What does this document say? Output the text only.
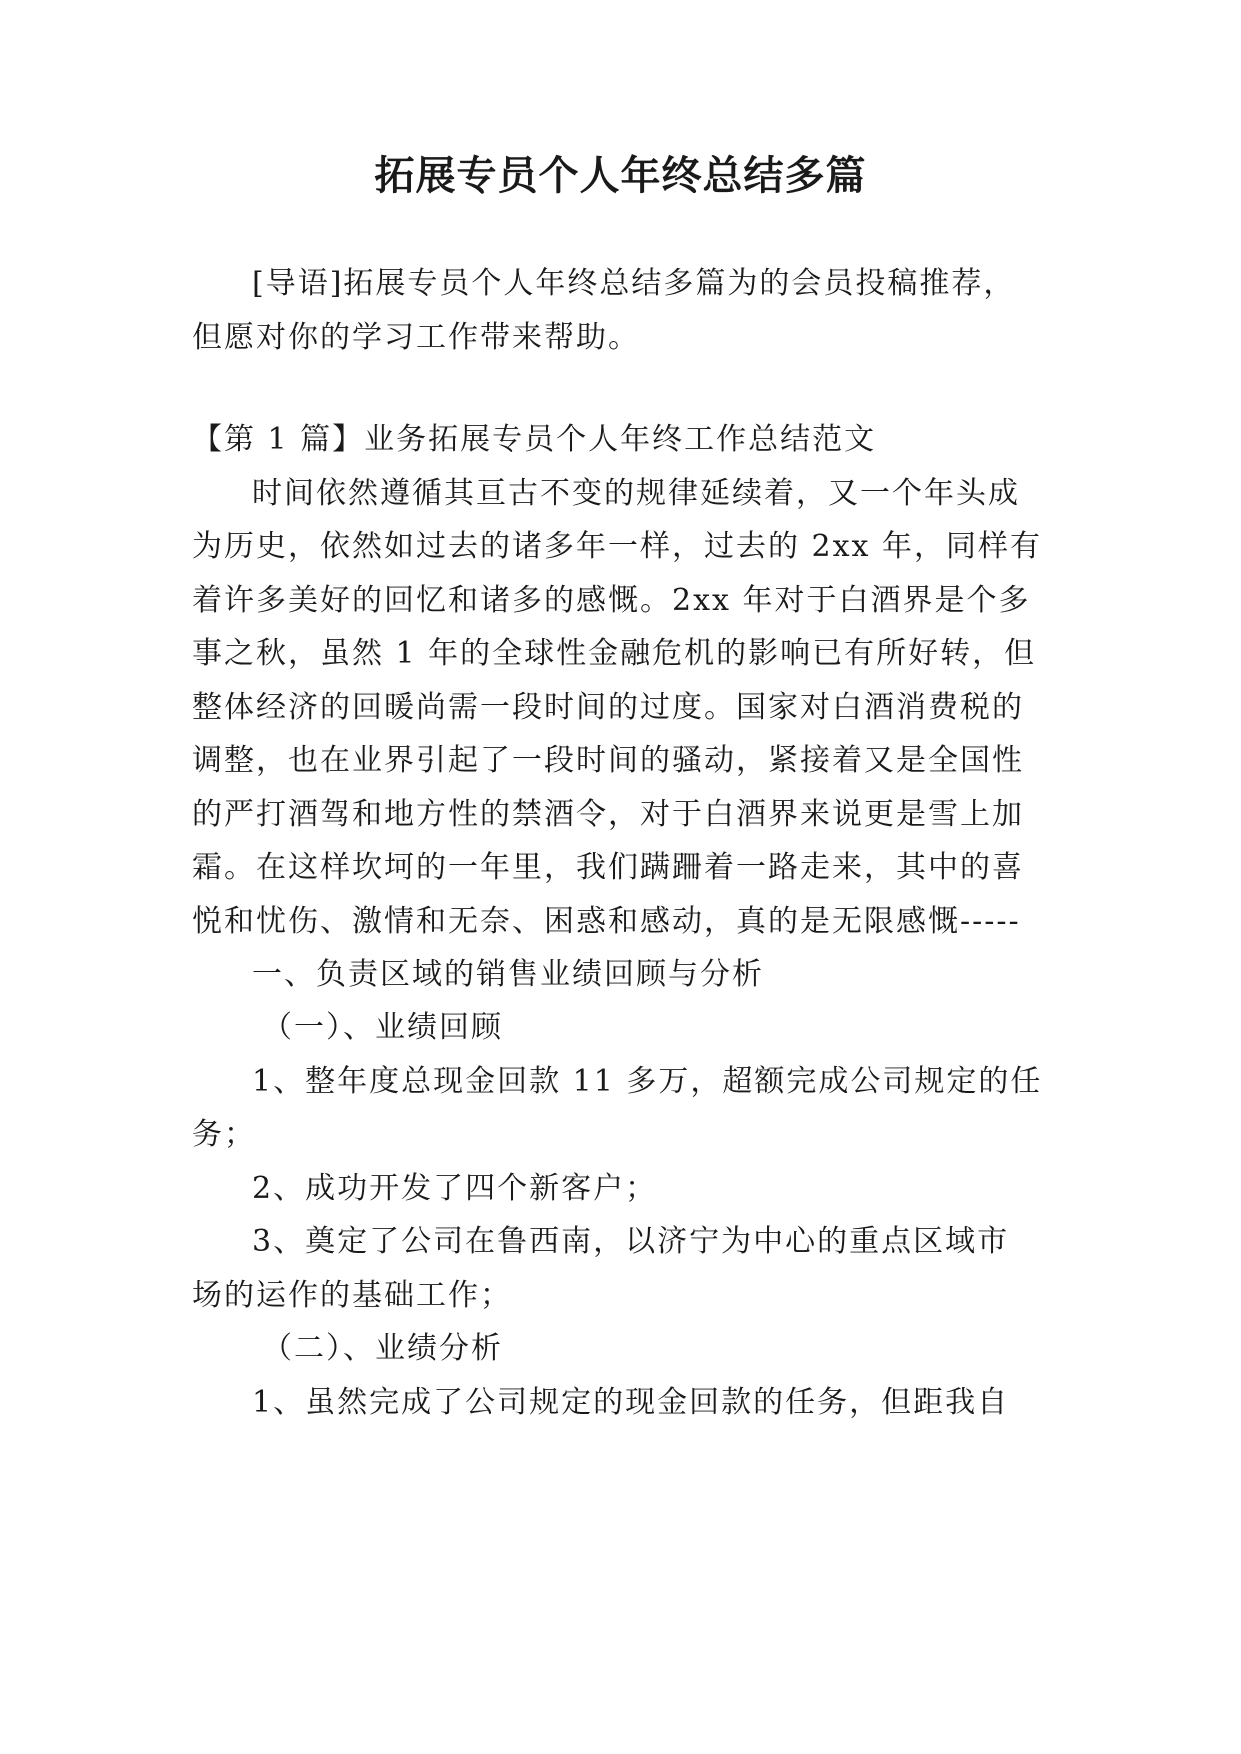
拓展专员个人年终总结多篇
[导语]拓展专员个人年终总结多篇为的会员投稿推荐，
但愿对你的学习工作带来帮助。
【第 1 篇】业务拓展专员个人年终工作总结范文
时间依然遵循其亘古不变的规律延续着，又一个年头成
为历史，依然如过去的诸多年一样，过去的 2xx 年，同样有
着许多美好的回忆和诸多的感慨。2xx 年对于白酒界是个多
事之秋，虽然 1 年的全球性金融危机的影响已有所好转，但
整体经济的回暖尚需一段时间的过度。国家对白酒消费税的
调整，也在业界引起了一段时间的骚动，紧接着又是全国性
的严打酒驾和地方性的禁酒令，对于白酒界来说更是雪上加
霜。在这样坎坷的一年里，我们蹒跚着一路走来，其中的喜
悦和忧伤、激情和无奈、困惑和感动，真的是无限感慨-----
一、负责区域的销售业绩回顾与分析
（一）、业绩回顾
1、整年度总现金回款 11 多万，超额完成公司规定的任
务；
2、成功开发了四个新客户；
3、奠定了公司在鲁西南，以济宁为中心的重点区域市
场的运作的基础工作；
（二）、业绩分析
1、虽然完成了公司规定的现金回款的任务，但距我自
